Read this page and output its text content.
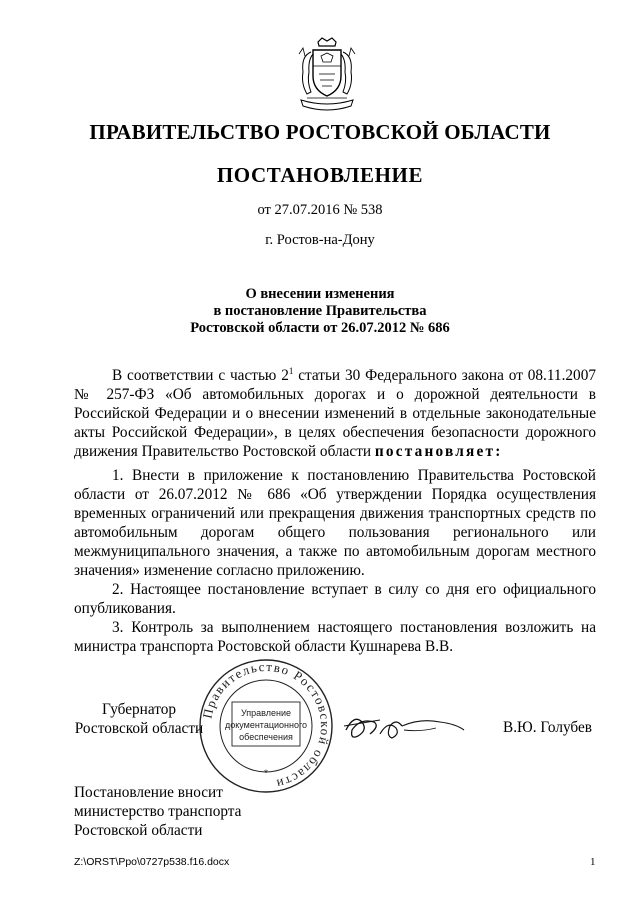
ПРАВИТЕЛЬСТВО РОСТОВСКОЙ ОБЛАСТИ
ПОСТАНОВЛЕНИЕ
от 27.07.2016 № 538
г. Ростов-на-Дону
О внесении изменения
в постановление Правительства
Ростовской области от 26.07.2012 № 686

В соответствии с частью $2^1$ статьи 30 Федерального закона от 08.11.2007 № 257-ФЗ «Об автомобильных дорогах и о дорожной деятельности в Российской Федерации и о внесении изменений в отдельные законодательные акты Российской Федерации», в целях обеспечения безопасности дорожного движения Правительство Ростовской области постановляет:

1. Внести в приложение к постановлению Правительства Ростовской области от 26.07.2012 № 686 «Об утверждении Порядка осуществления временных ограничений или прекращения движения транспортных средств по автомобильным дорогам общего пользования регионального или межмуниципального значения, а также по автомобильным дорогам местного значения» изменение согласно приложению.

2. Настоящее постановление вступает в силу со дня его официального опубликования.

3. Контроль за выполнением настоящего постановления возложить на министра транспорта Ростовской области Кушнарева В.В.

Губернатор
Ростовской области
Правительство Ростовской области
Управление
документационного
обеспечения
*
В.Ю. Голубев
Постановление вносит
министерство транспорта
Ростовской области
Z:\ORST\Ppo\0727p538.f16.docx	1
